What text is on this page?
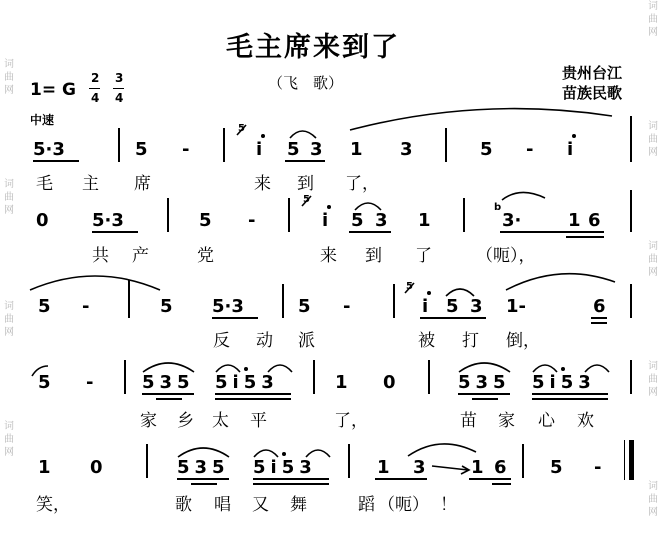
词
曲
网
词
曲
网
词
曲
网
词
曲
网
词
曲
网
词
曲
网
词
曲
网
词
曲
网
词
曲
网
毛主席来到了
（飞　歌）
贵州台江
苗族民歌
1= G
2
4
3
4
中速
5·3	5 -
5
i 5 3 1 3	5 - i
毛 主 席	来 到 了，
0 5·3	5 -
5
i 5 3 1
b
3·	1 6
共 产	党	来 到 了	（呃），
5 -	5 5·3	5 -
5
i 5 3 1-	6
反 动 派	被 打 倒，
5 -	535 5i53	1 0	535 5i53
家 乡 太 平	了，	苗 家 心 欢
1 0	535 5i53	1 3	1 6 5 -
笑，	歌 唱 又 舞	蹈 （呃） ！
